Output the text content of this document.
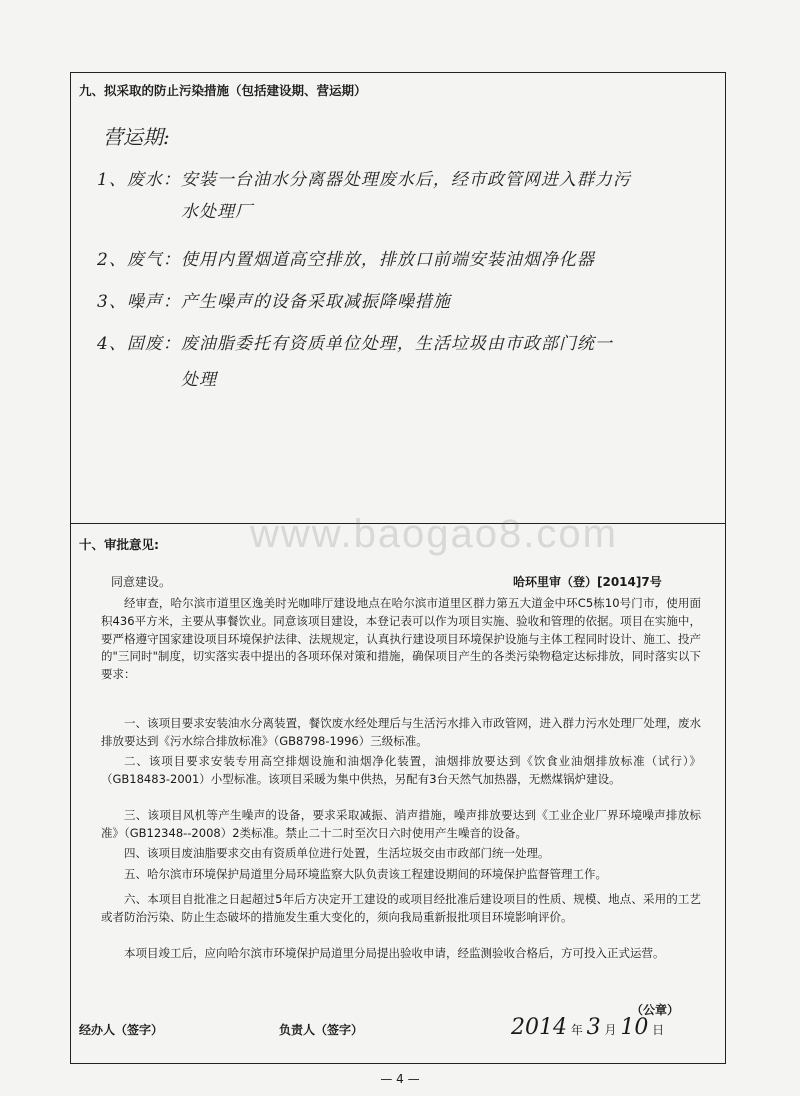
九、拟采取的防止污染措施（包括建设期、营运期）
营运期:
1、废水：安装一台油水分离器处理废水后，经市政管网进入群力污
水处理厂
2、废气：使用内置烟道高空排放，排放口前端安装油烟净化器
3、噪声：产生噪声的设备采取减振降噪措施
4、固废：废油脂委托有资质单位处理，生活垃圾由市政部门统一
处理
十、审批意见:
同意建设。	哈环里审（登）[2014]7号
经审查，哈尔滨市道里区逸美时光咖啡厅建设地点在哈尔滨市道里区群力第五大道金中环C5栋10号门市，使用面积436平方米，主要从事餐饮业。同意该项目建设，本登记表可以作为项目实施、验收和管理的依据。项目在实施中，要严格遵守国家建设项目环境保护法律、法规规定，认真执行建设项目环境保护设施与主体工程同时设计、施工、投产的"三同时"制度，切实落实表中提出的各项环保对策和措施，确保项目产生的各类污染物稳定达标排放，同时落实以下要求：
一、该项目要求安装油水分离装置，餐饮废水经处理后与生活污水排入市政管网，进入群力污水处理厂处理，废水排放要达到《污水综合排放标准》（GB8798-1996）三级标准。
二、该项目要求安装专用高空排烟设施和油烟净化装置，油烟排放要达到《饮食业油烟排放标准（试行）》（GB18483-2001）小型标准。该项目采暖为集中供热，另配有3台天然气加热器，无燃煤锅炉建设。
三、该项目风机等产生噪声的设备，要求采取减振、消声措施，噪声排放要达到《工业企业厂界环境噪声排放标准》（GB12348--2008）2类标准。禁止二十二时至次日六时使用产生噪音的设备。
四、该项目废油脂要求交由有资质单位进行处置，生活垃圾交由市政部门统一处理。
五、哈尔滨市环境保护局道里分局环境监察大队负责该工程建设期间的环境保护监督管理工作。
六、本项目自批准之日起超过5年后方决定开工建设的或项目经批准后建设项目的性质、规模、地点、采用的工艺或者防治污染、防止生态破坏的措施发生重大变化的，须向我局重新报批项目环境影响评价。
本项目竣工后，应向哈尔滨市环境保护局道里分局提出验收申请，经监测验收合格后，方可投入正式运营。
经办人（签字）	负责人（签字）
（公章）
2014 年 3 月 10 日
www.baogao8.com
— 4 —
